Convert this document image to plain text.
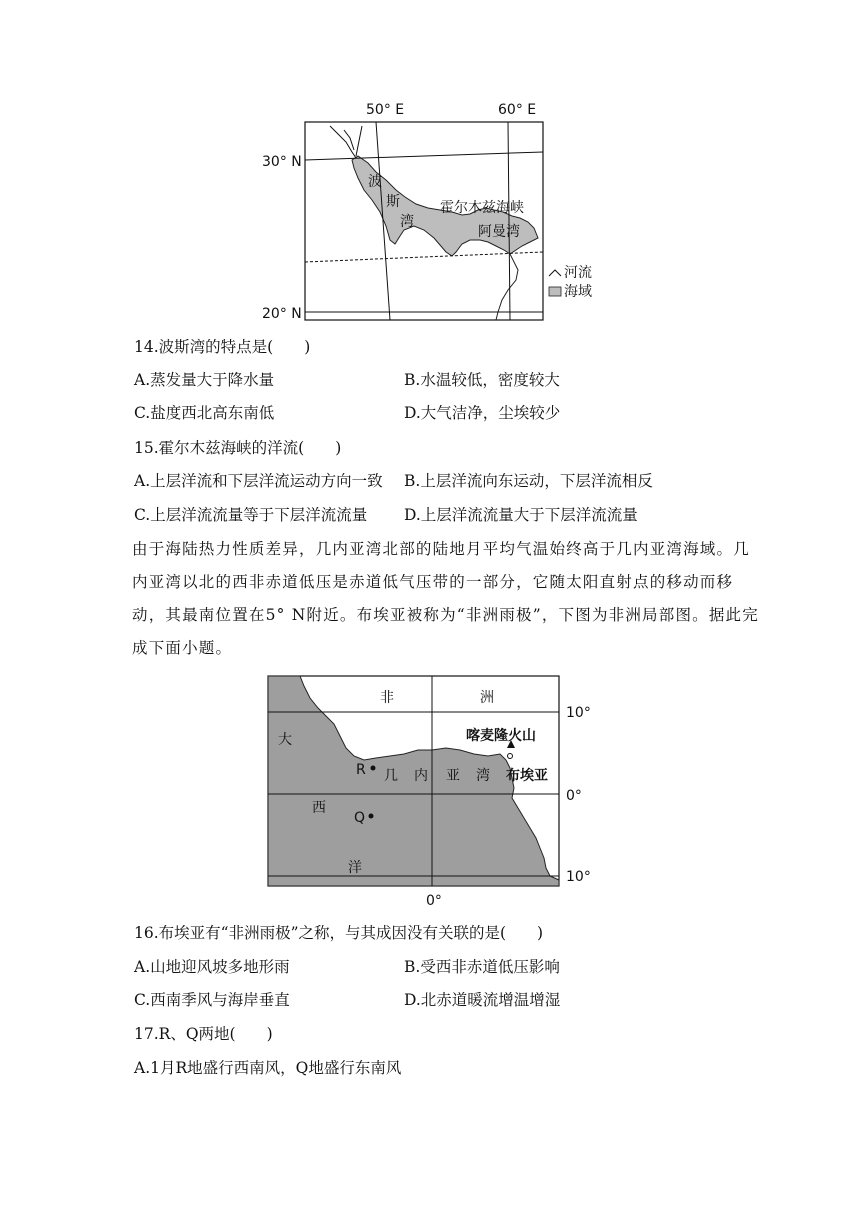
50° E	60° E
30° N
20° N
波
斯
湾
霍尔木兹海峡
阿曼湾
河流
海域
14.波斯湾的特点是(　　)
A.蒸发量大于降水量	B.水温较低，密度较大
C.盐度西北高东南低	D.大气洁净，尘埃较少
15.霍尔木兹海峡的洋流(　　)
A.上层洋流和下层洋流运动方向一致 B.上层洋流向东运动，下层洋流相反
C.上层洋流流量等于下层洋流流量 D.上层洋流流量大于下层洋流流量
由于海陆热力性质差异，几内亚湾北部的陆地月平均气温始终高于几内亚湾海域。几内亚湾以北的西非赤道低压是赤道低气压带的一部分，它随太阳直射点的移动而移动，其最南位置在5° N附近。布埃亚被称为“非洲雨极”，下图为非洲局部图。据此完成下面小题。
非	洲
喀麦隆火山
大
西
洋
R
Q
几 内 亚 湾 布埃亚
10°
0°
10°
0°
16.布埃亚有“非洲雨极”之称，与其成因没有关联的是(　　)
A.山地迎风坡多地形雨	B.受西非赤道低压影响
C.西南季风与海岸垂直	D.北赤道暖流增温增湿
17.R、Q两地(　　)
A.1月R地盛行西南风，Q地盛行东南风
